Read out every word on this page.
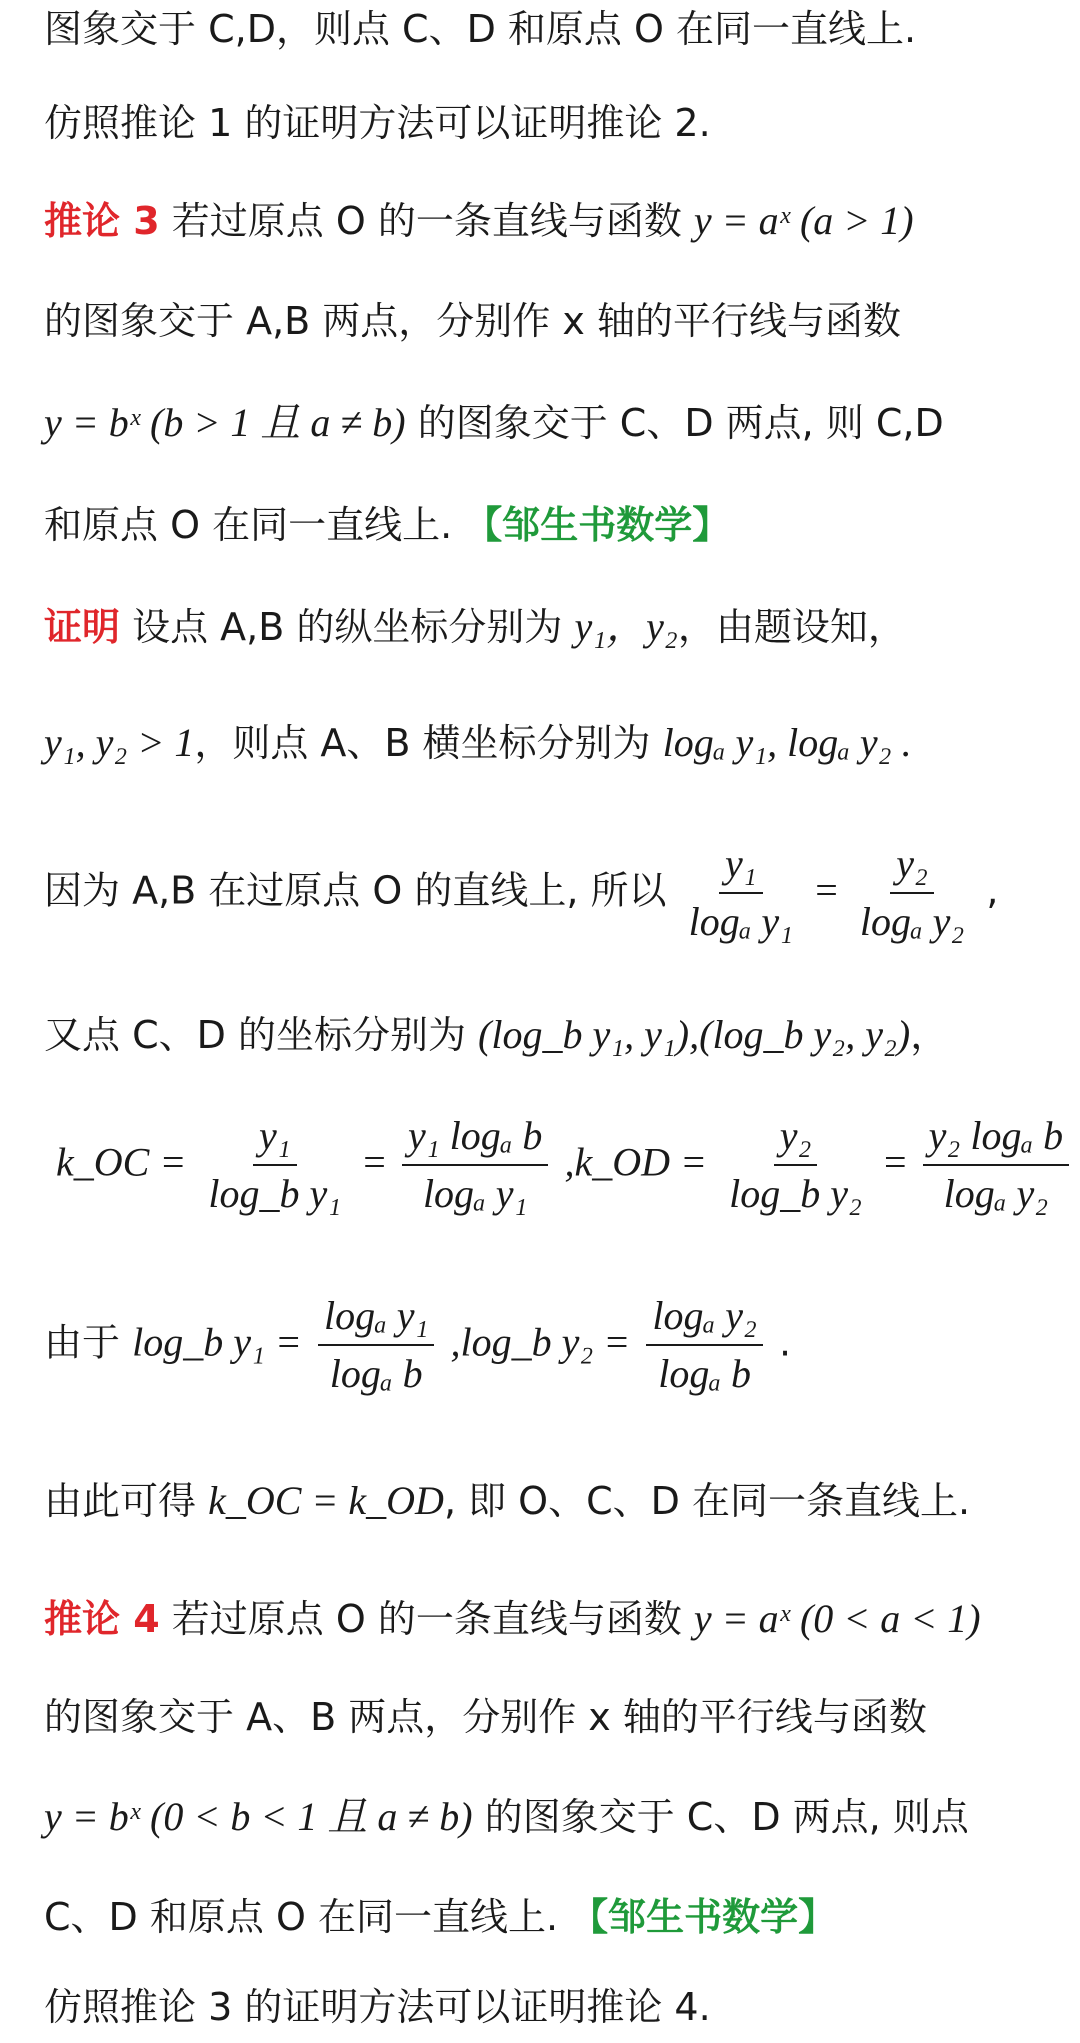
图象交于 C,D，则点 C、D 和原点 O 在同一直线上.
仿照推论 1 的证明方法可以证明推论 2.
推论 3 若过原点 O 的一条直线与函数 y = aˣ (a > 1)
的图象交于 A,B 两点，分别作 x 轴的平行线与函数
y = bˣ (b > 1 且 a ≠ b) 的图象交于 C、D 两点, 则 C,D
和原点 O 在同一直线上. 【邹生书数学】
证明 设点 A,B 的纵坐标分别为 y₁，y₂，由题设知，
y₁, y₂ > 1，则点 A、B 横坐标分别为 logₐ y₁, logₐ y₂ .
因为 A,B 在过原点 O 的直线上, 所以 $\frac{\text{y₁}}{\text{logₐ y₁}} = \frac{\text{y₂}}{\text{logₐ y₂}}$ ,
又点 C、D 的坐标分别为 (log_b y₁, y₁),(log_b y₂, y₂)，
k_OC = $\frac{\text{y₁}}{\text{log\_b y₁}} = \frac{\text{y₁ logₐ b}}{\text{logₐ y₁}}$ ,k_OD = $\frac{\text{y₂}}{\text{log\_b y₂}} = \frac{\text{y₂ logₐ b}}{\text{logₐ y₂}}$
由于 log_b $y_1 = \frac{\text{logₐ y₁}}{\text{logₐ b}}$ ,log_b $y_2 = \frac{\text{logₐ y₂}}{\text{logₐ b}}$ .
由此可得 k_OC = k_OD, 即 O、C、D 在同一条直线上.
推论 4 若过原点 O 的一条直线与函数 y = aˣ (0 < a < 1)
的图象交于 A、B 两点，分别作 x 轴的平行线与函数
y = bˣ (0 < b < 1 且 a ≠ b) 的图象交于 C、D 两点, 则点
C、D 和原点 O 在同一直线上. 【邹生书数学】
仿照推论 3 的证明方法可以证明推论 4.
